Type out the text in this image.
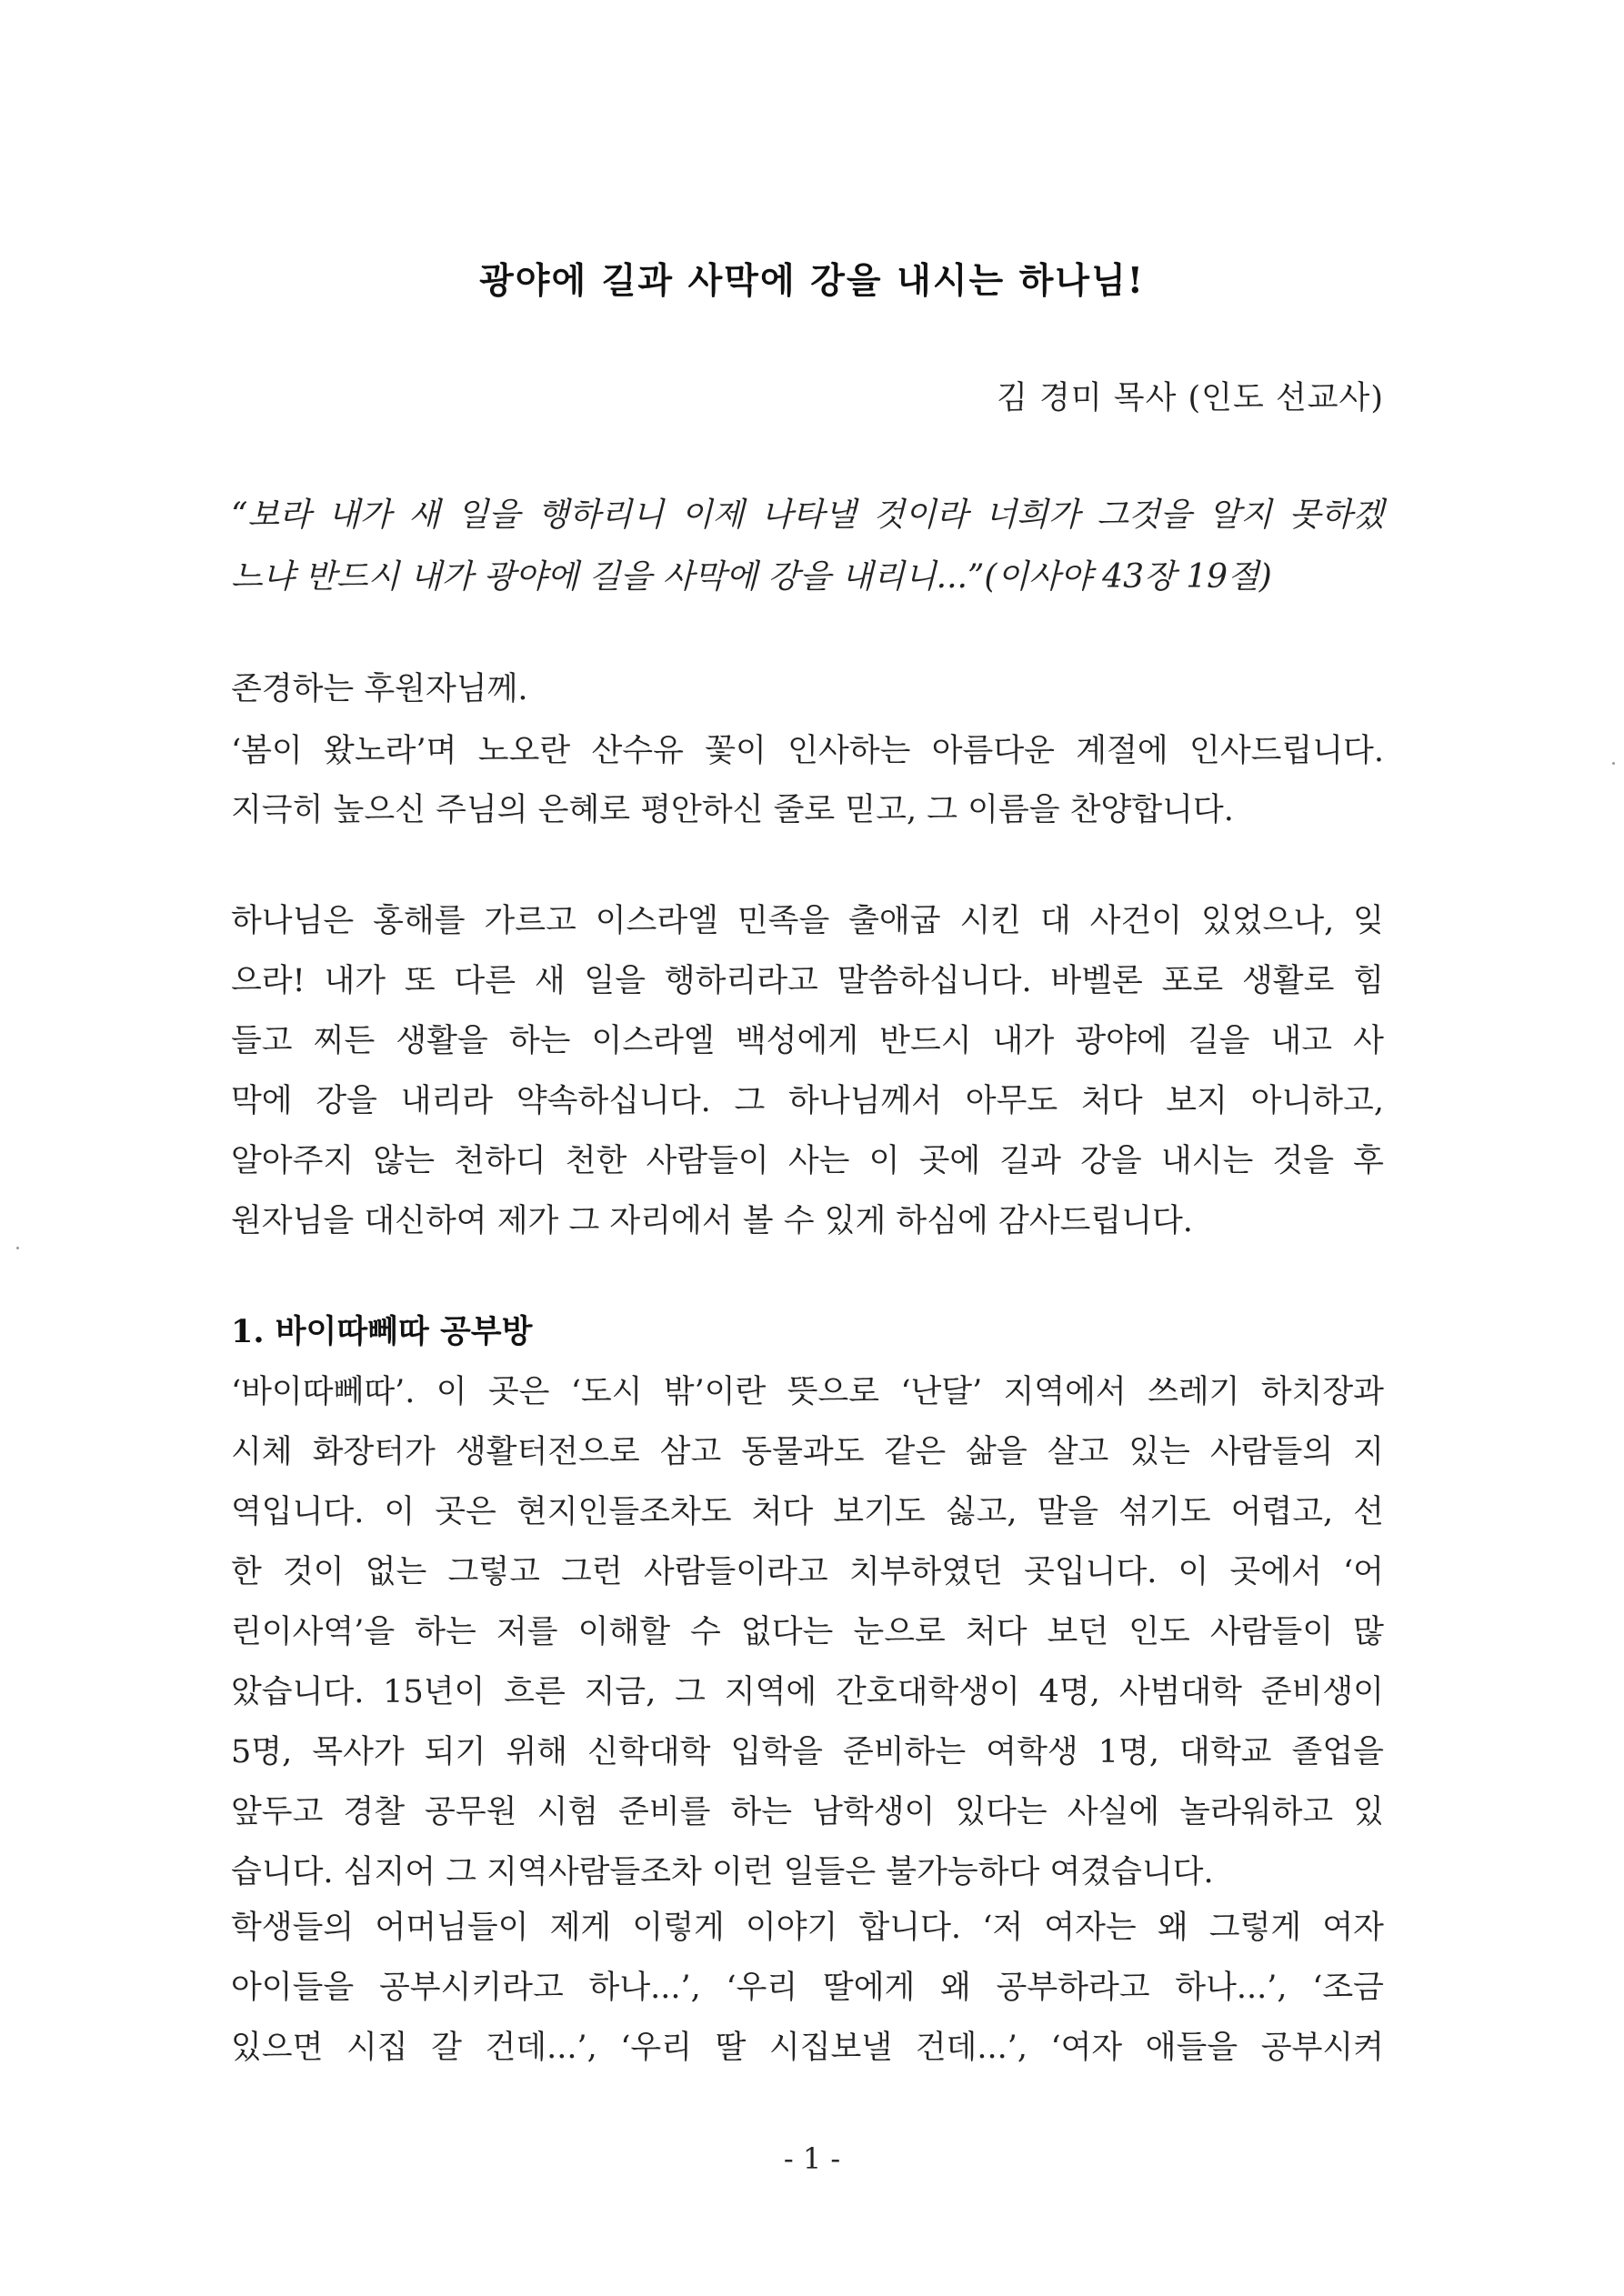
광야에 길과 사막에 강을 내시는 하나님!
김 경미 목사 (인도 선교사)
“보라 내가 새 일을 행하리니 이제 나타낼 것이라 너희가 그것을 알지 못하겠
느냐 반드시 내가 광야에 길을 사막에 강을 내리니...”(이사야 43장 19절)
존경하는 후원자님께.
‘봄이 왔노라’며 노오란 산수유 꽃이 인사하는 아름다운 계절에 인사드립니다.
지극히 높으신 주님의 은혜로 평안하신 줄로 믿고, 그 이름을 찬양합니다.
하나님은 홍해를 가르고 이스라엘 민족을 출애굽 시킨 대 사건이 있었으나, 잊
으라! 내가 또 다른 새 일을 행하리라고 말씀하십니다. 바벨론 포로 생활로 힘
들고 찌든 생활을 하는 이스라엘 백성에게 반드시 내가 광야에 길을 내고 사
막에 강을 내리라 약속하십니다. 그 하나님께서 아무도 처다 보지 아니하고,
알아주지 않는 천하디 천한 사람들이 사는 이 곳에 길과 강을 내시는 것을 후
원자님을 대신하여 제가 그 자리에서 볼 수 있게 하심에 감사드립니다.
1. 바이따뻬따 공부방
‘바이따뻬따’. 이 곳은 ‘도시 밖’이란 뜻으로 ‘난달’ 지역에서 쓰레기 하치장과
시체 화장터가 생활터전으로 삼고 동물과도 같은 삶을 살고 있는 사람들의 지
역입니다. 이 곳은 현지인들조차도 처다 보기도 싫고, 말을 섞기도 어렵고, 선
한 것이 없는 그렇고 그런 사람들이라고 치부하였던 곳입니다. 이 곳에서 ‘어
린이사역’을 하는 저를 이해할 수 없다는 눈으로 처다 보던 인도 사람들이 많
았습니다. 15년이 흐른 지금, 그 지역에 간호대학생이 4명, 사범대학 준비생이
5명, 목사가 되기 위해 신학대학 입학을 준비하는 여학생 1명, 대학교 졸업을
앞두고 경찰 공무원 시험 준비를 하는 남학생이 있다는 사실에 놀라워하고 있
습니다. 심지어 그 지역사람들조차 이런 일들은 불가능하다 여겼습니다.
학생들의 어머님들이 제게 이렇게 이야기 합니다. ‘저 여자는 왜 그렇게 여자
아이들을 공부시키라고 하나...’, ‘우리 딸에게 왜 공부하라고 하나...’, ‘조금
있으면 시집 갈 건데...’, ‘우리 딸 시집보낼 건데...’, ‘여자 애들을 공부시켜
- 1 -
